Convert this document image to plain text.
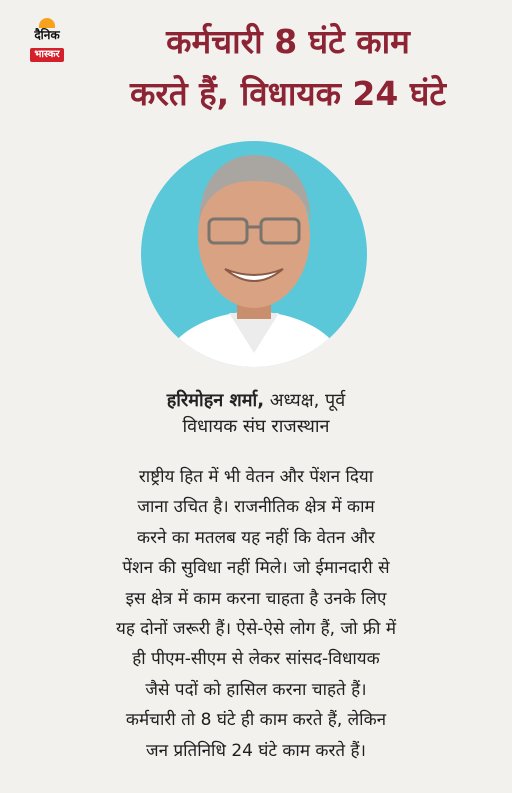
दैनिक
भास्कर	कर्मचारी 8 घंटे काम
करते हैं, विधायक 24 घंटे
हरिमोहन शर्मा, अध्यक्ष, पूर्व
विधायक संघ राजस्थान
राष्ट्रीय हित में भी वेतन और पेंशन दिया
जाना उचित है। राजनीतिक क्षेत्र में काम
करने का मतलब यह नहीं कि वेतन और
पेंशन की सुविधा नहीं मिले। जो ईमानदारी से
इस क्षेत्र में काम करना चाहता है उनके लिए
यह दोनों जरूरी हैं। ऐसे-ऐसे लोग हैं, जो फ्री में
ही पीएम-सीएम से लेकर सांसद-विधायक
जैसे पदों को हासिल करना चाहते हैं।
कर्मचारी तो 8 घंटे ही काम करते हैं, लेकिन
जन प्रतिनिधि 24 घंटे काम करते हैं।
